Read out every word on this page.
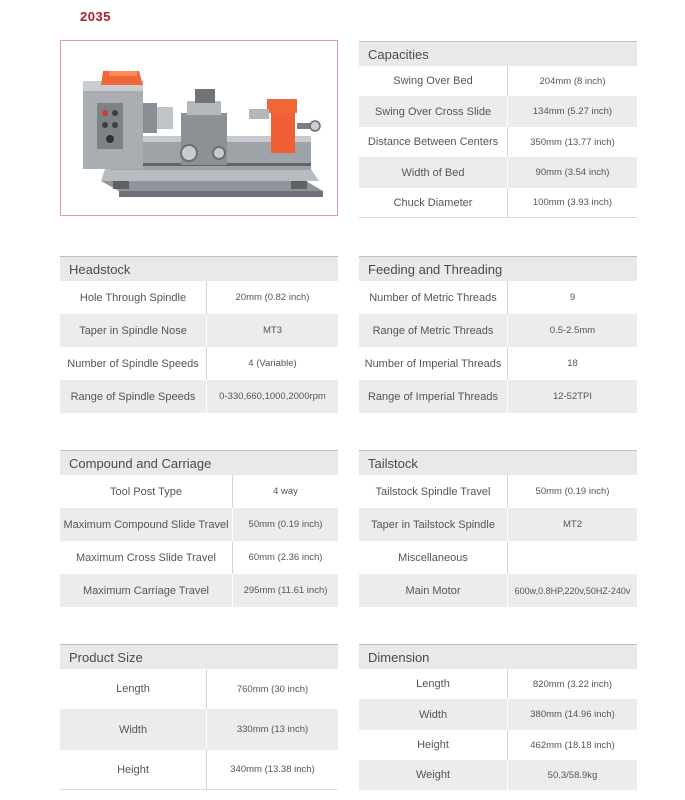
2035
Capacities
Swing Over Bed	204mm (8 inch)
Swing Over Cross Slide	134mm (5.27 inch)
Distance Between Centers	350mm (13.77 inch)
Width of Bed	90mm (3.54 inch)
Chuck Diameter	100mm (3.93 inch)
Headstock
Hole Through Spindle	20mm (0.82 inch)
Taper in Spindle Nose	MT3
Number of Spindle Speeds	4 (Variable)
Range of Spindle Speeds	0-330,660,1000,2000rpm
Feeding and Threading
Number of Metric Threads	9
Range of Metric Threads	0.5-2.5mm
Number of Imperial Threads	18
Range of Imperial Threads	12-52TPI
Compound and Carriage
Tool Post Type	4 way
Maximum Compound Slide Travel	50mm (0.19 inch)
Maximum Cross Slide Travel	60mm (2.36 inch)
Maximum Carriage Travel	295mm (11.61 inch)
Tailstock
Tailstock Spindle Travel	50mm (0.19 inch)
Taper in Tailstock Spindle	MT2
Miscellaneous
Main Motor	600w,0.8HP,220v,50HZ-240v
Product Size
Length	760mm (30 inch)
Width	330mm (13 inch)
Height	340mm (13.38 inch)
Dimension
Length	820mm (3.22 inch)
Width	380mm (14.96 inch)
Height	462mm (18.18 inch)
Weight	50.3/58.9kg
